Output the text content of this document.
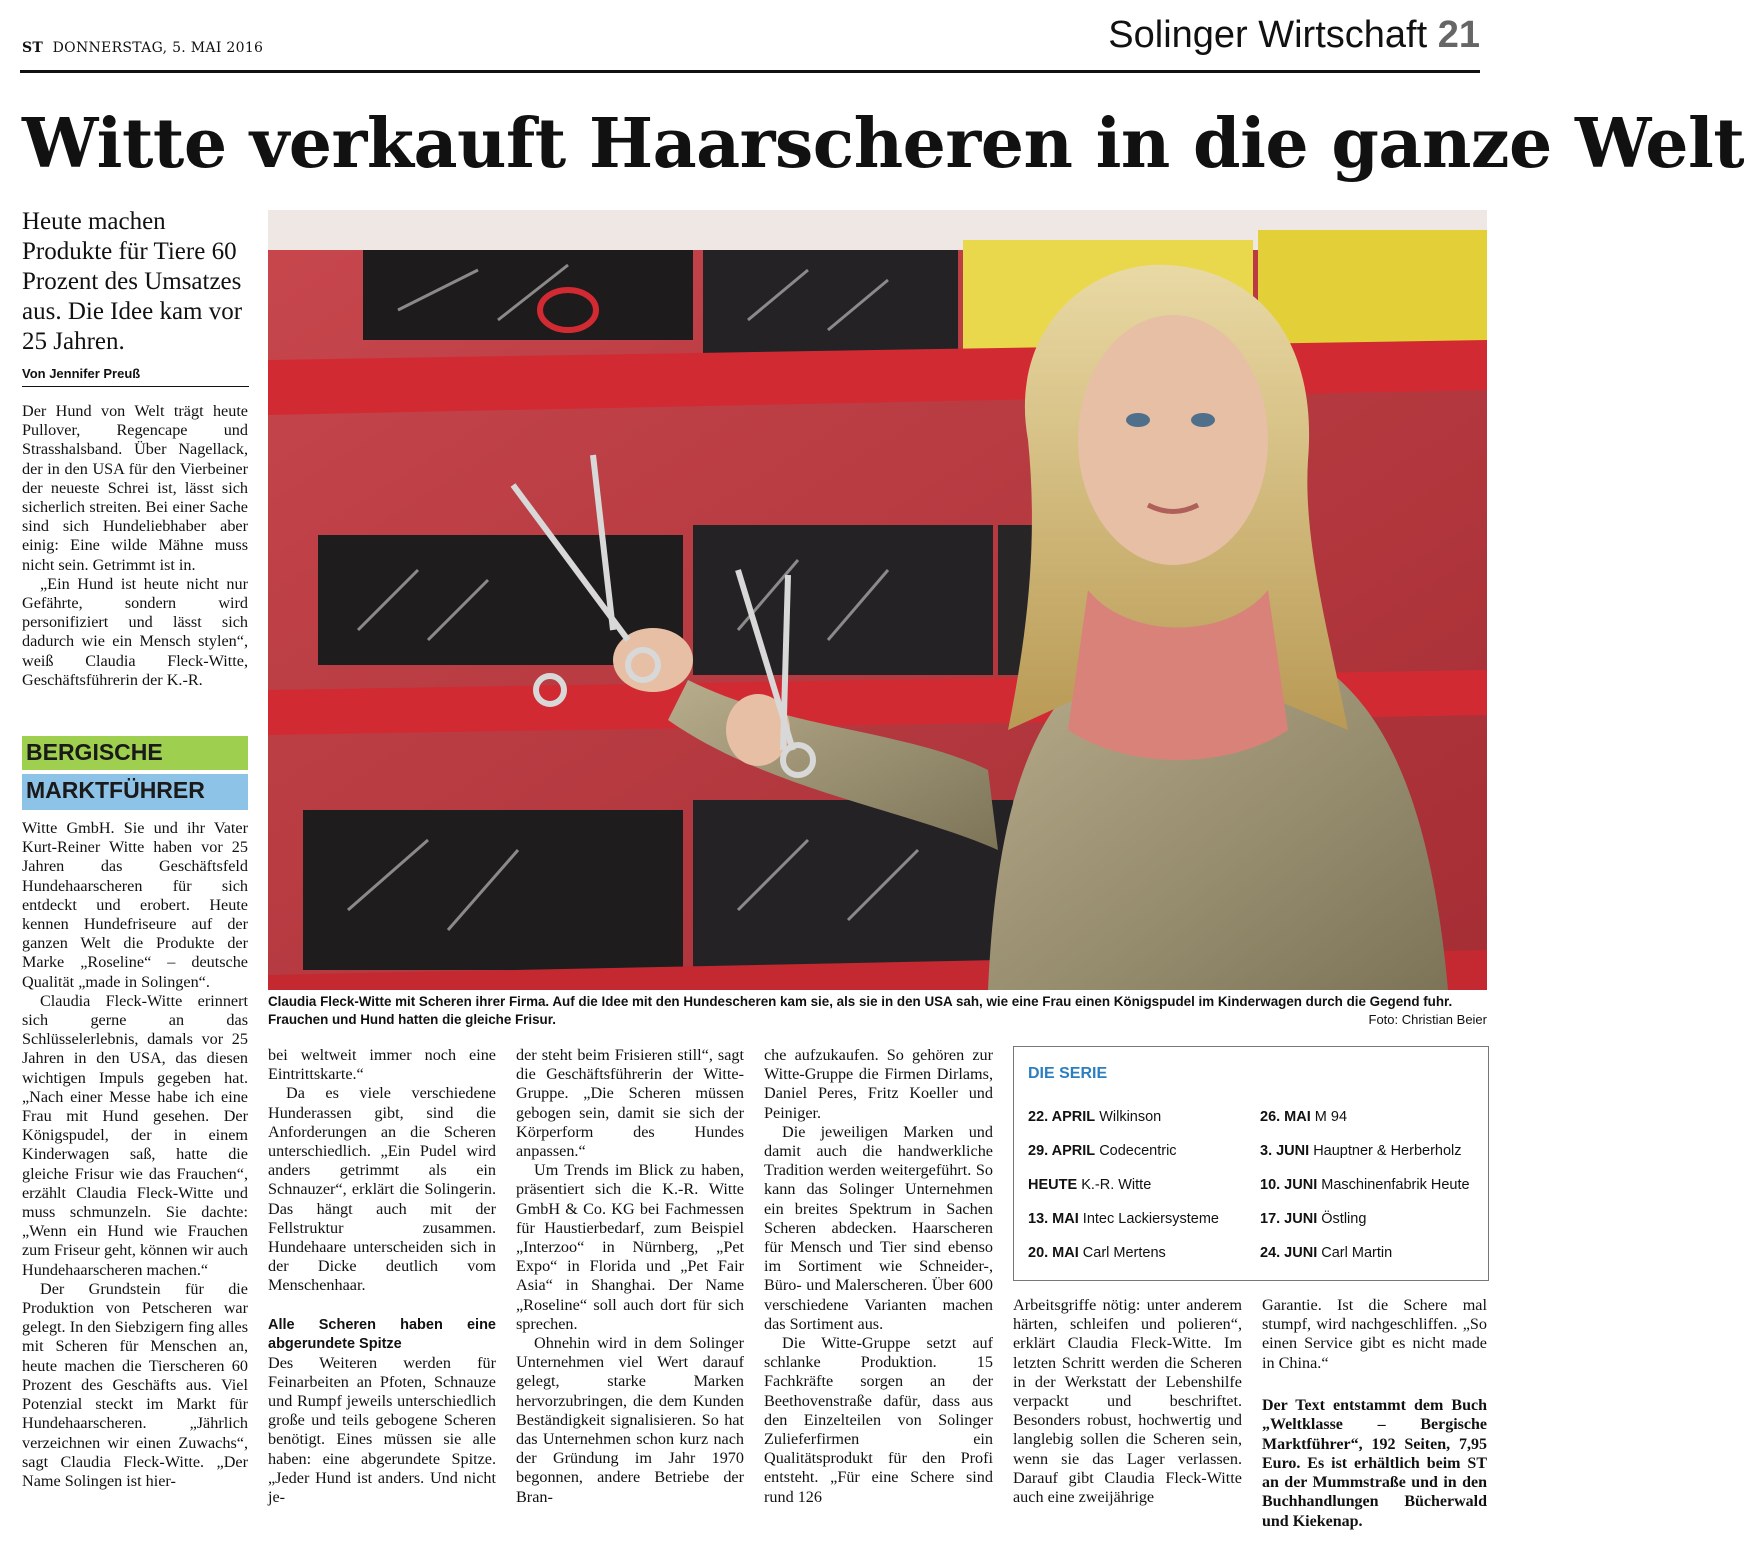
ST DONNERSTAG, 5. MAI 2016	Solinger Wirtschaft 21
Witte verkauft Haarscheren in die ganze Welt
Heute machen Produkte für Tiere 60 Prozent des Umsatzes aus. Die Idee kam vor 25 Jahren.
Von Jennifer Preuß

Der Hund von Welt trägt heute Pullover, Regencape und Strasshalsband. Über Nagellack, der in den USA für den Vierbeiner der neueste Schrei ist, lässt sich sicherlich streiten. Bei einer Sache sind sich Hundeliebhaber aber einig: Eine wilde Mähne muss nicht sein. Getrimmt ist in.

„Ein Hund ist heute nicht nur Gefährte, sondern wird personifiziert und lässt sich dadurch wie ein Mensch stylen“, weiß Claudia Fleck-Witte, Geschäftsführerin der K.-R.

BERGISCHE
MARKTFÜHRER

Witte GmbH. Sie und ihr Vater Kurt-Reiner Witte haben vor 25 Jahren das Geschäftsfeld Hundehaarscheren für sich entdeckt und erobert. Heute kennen Hundefriseure auf der ganzen Welt die Produkte der Marke „Roseline“ – deutsche Qualität „made in Solingen“.

Claudia Fleck-Witte erinnert sich gerne an das Schlüsselerlebnis, damals vor 25 Jahren in den USA, das diesen wichtigen Impuls gegeben hat. „Nach einer Messe habe ich eine Frau mit Hund gesehen. Der Königspudel, der in einem Kinderwagen saß, hatte die gleiche Frisur wie das Frauchen“, erzählt Claudia Fleck-Witte und muss schmunzeln. Sie dachte: „Wenn ein Hund wie Frauchen zum Friseur geht, können wir auch Hundehaarscheren machen.“

Der Grundstein für die Produktion von Petscheren war gelegt. In den Siebzigern fing alles mit Scheren für Menschen an, heute machen die Tierscheren 60 Prozent des Geschäfts aus. Viel Potenzial steckt im Markt für Hundehaarscheren. „Jährlich verzeichnen wir einen Zuwachs“, sagt Claudia Fleck-Witte. „Der Name Solingen ist hier-

Claudia Fleck-Witte mit Scheren ihrer Firma. Auf die Idee mit den Hundescheren kam sie, als sie in den USA sah, wie eine Frau einen Königspudel im Kinderwagen durch die Gegend fuhr. Frauchen und Hund hatten die gleiche Frisur.	Foto: Christian Beier

bei weltweit immer noch eine Eintrittskarte.“

Da es viele verschiedene Hunderassen gibt, sind die Anforderungen an die Scheren unterschiedlich. „Ein Pudel wird anders getrimmt als ein Schnauzer“, erklärt die Solingerin. Das hängt auch mit der Fellstruktur zusammen. Hundehaare unterscheiden sich in der Dicke deutlich vom Menschenhaar.

Alle Scheren haben eine abgerundete Spitze

Des Weiteren werden für Feinarbeiten an Pfoten, Schnauze und Rumpf jeweils unterschiedlich große und teils gebogene Scheren benötigt. Eines müssen sie alle haben: eine abgerundete Spitze. „Jeder Hund ist anders. Und nicht je-

der steht beim Frisieren still“, sagt die Geschäftsführerin der Witte-Gruppe. „Die Scheren müssen gebogen sein, damit sie sich der Körperform des Hundes anpassen.“

Um Trends im Blick zu haben, präsentiert sich die K.-R. Witte GmbH & Co. KG bei Fachmessen für Haustierbedarf, zum Beispiel „Interzoo“ in Nürnberg, „Pet Expo“ in Florida und „Pet Fair Asia“ in Shanghai. Der Name „Roseline“ soll auch dort für sich sprechen.

Ohnehin wird in dem Solinger Unternehmen viel Wert darauf gelegt, starke Marken hervorzubringen, die dem Kunden Beständigkeit signalisieren. So hat das Unternehmen schon kurz nach der Gründung im Jahr 1970 begonnen, andere Betriebe der Bran-

che aufzukaufen. So gehören zur Witte-Gruppe die Firmen Dirlams, Daniel Peres, Fritz Koeller und Peiniger.

Die jeweiligen Marken und damit auch die handwerkliche Tradition werden weitergeführt. So kann das Solinger Unternehmen ein breites Spektrum in Sachen Scheren abdecken. Haarscheren für Mensch und Tier sind ebenso im Sortiment wie Schneider-, Büro- und Malerscheren. Über 600 verschiedene Varianten machen das Sortiment aus.

Die Witte-Gruppe setzt auf schlanke Produktion. 15 Fachkräfte sorgen an der Beethovenstraße dafür, dass aus den Einzelteilen von Solinger Zulieferfirmen ein Qualitätsprodukt für den Profi entsteht. „Für eine Schere sind rund 126

DIE SERIE
22. APRIL Wilkinson
29. APRIL Codecentric
HEUTE K.-R. Witte
13. MAI Intec Lackiersysteme
20. MAI Carl Mertens
26. MAI M 94
3. JUNI Hauptner & Herberholz
10. JUNI Maschinenfabrik Heute
17. JUNI Östling
24. JUNI Carl Martin

Arbeitsgriffe nötig: unter anderem härten, schleifen und polieren“, erklärt Claudia Fleck-Witte. Im letzten Schritt werden die Scheren in der Werkstatt der Lebenshilfe verpackt und beschriftet. Besonders robust, hochwertig und langlebig sollen die Scheren sein, wenn sie das Lager verlassen. Darauf gibt Claudia Fleck-Witte auch eine zweijährige

Garantie. Ist die Schere mal stumpf, wird nachgeschliffen. „So einen Service gibt es nicht made in China.“

Der Text entstammt dem Buch „Weltklasse – Bergische Marktführer“, 192 Seiten, 7,95 Euro. Es ist erhältlich beim ST an der Mummstraße und in den Buchhandlungen Bücherwald und Kiekenap.
